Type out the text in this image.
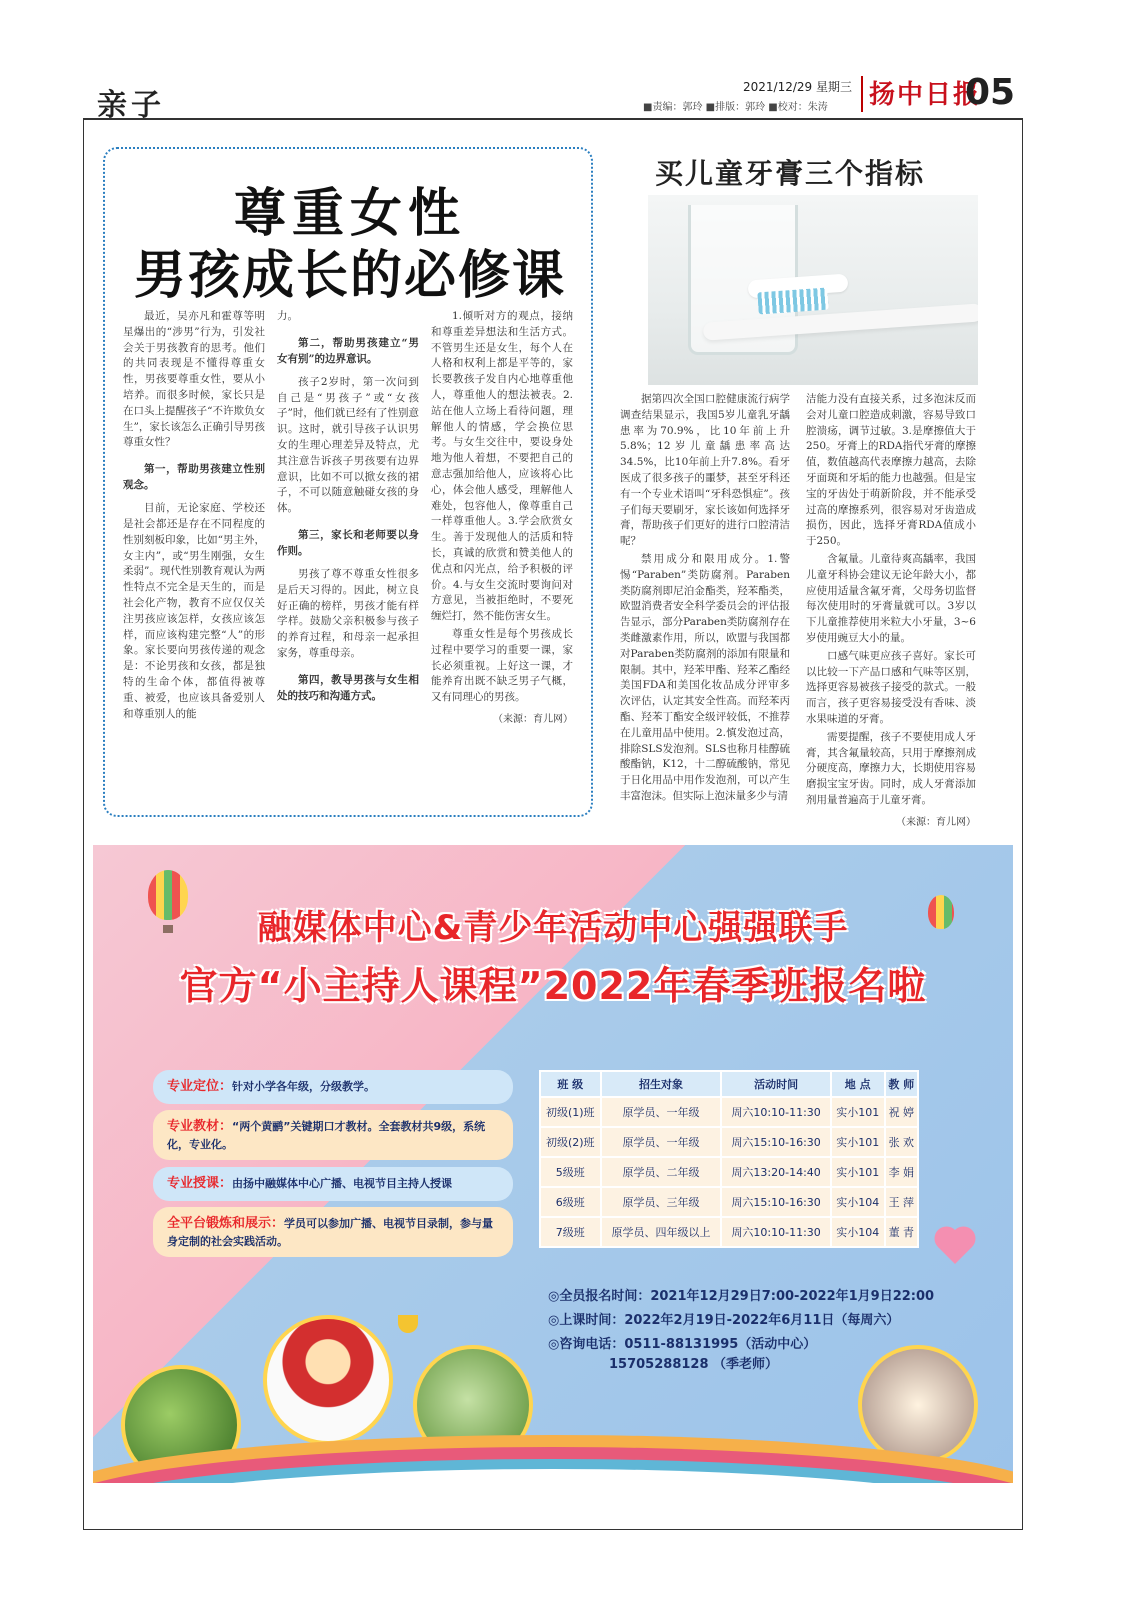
亲子
2021/12/29 星期三
■责编：郭玲 ■排版：郭玲 ■校对：朱涛 扬中日报
05
尊重女性
男孩成长的必修课

最近，吴亦凡和霍尊等明星爆出的“涉男”行为，引发社会关于男孩教育的思考。他们的共同表现是不懂得尊重女性，男孩要尊重女性，要从小培养。而很多时候，家长只是在口头上提醒孩子“不许欺负女生”，家长该怎么正确引导男孩尊重女性？

第一，帮助男孩建立性别观念。

目前，无论家庭、学校还是社会都还是存在不同程度的性别刻板印象，比如“男主外，女主内”，或“男生刚强，女生柔弱”。现代性别教育观认为两性特点不完全是天生的，而是社会化产物，教育不应仅仅关注男孩应该怎样，女孩应该怎样，而应该构建完整“人”的形象。家长要向男孩传递的观念是：不论男孩和女孩，都是独特的生命个体，都值得被尊重、被爱，也应该具备爱别人和尊重别人的能

力。

第二，帮助男孩建立“男女有别”的边界意识。

孩子2岁时，第一次问到自己是“男孩子”或“女孩子”时，他们就已经有了性别意识。这时，就引导孩子认识男女的生理心理差异及特点，尤其注意告诉孩子男孩要有边界意识，比如不可以掀女孩的裙子，不可以随意触碰女孩的身体。

第三，家长和老师要以身作则。

男孩了尊不尊重女性很多是后天习得的。因此，树立良好正确的榜样，男孩才能有样学样。鼓励父亲积极参与孩子的养育过程，和母亲一起承担家务，尊重母亲。

第四，教导男孩与女生相处的技巧和沟通方式。

1.倾听对方的观点，接纳和尊重差异想法和生活方式。不管男生还是女生，每个人在人格和权利上都是平等的，家长要教孩子发自内心地尊重他人，尊重他人的想法被表。2.站在他人立场上看待问题，理解他人的情感，学会换位思考。与女生交往中，要设身处地为他人着想，不要把自己的意志强加给他人，应该将心比心，体会他人感受，理解他人难处，包容他人，像尊重自己一样尊重他人。3.学会欣赏女生。善于发现他人的活质和特长，真诚的欣赏和赞美他人的优点和闪光点，给予积极的评价。4.与女生交流时要询问对方意见，当被拒绝时，不要死缠烂打，然不能伤害女生。

尊重女性是每个男孩成长过程中要学习的重要一课，家长必须重视。上好这一课，才能养育出既不缺乏男子气概，又有同理心的男孩。

（来源：育儿网）
买儿童牙膏三个指标

据第四次全国口腔健康流行病学调查结果显示，我国5岁儿童乳牙龋患率为70.9%，比10年前上升5.8%；12岁儿童龋患率高达34.5%，比10年前上升7.8%。看牙医成了很多孩子的噩梦，甚至牙科还有一个专业术语叫“牙科恐惧症”。孩子们每天要刷牙，家长该如何选择牙膏，帮助孩子们更好的进行口腔清洁呢？

禁用成分和限用成分。1.警惕“Paraben”类防腐剂。Paraben类防腐剂即尼泊金酯类，羟苯酯类，欧盟消费者安全科学委员会的评估报告显示，部分Paraben类防腐剂存在类雌激素作用，所以，欧盟与我国都对Paraben类防腐剂的添加有限量和限制。其中，羟苯甲酯、羟苯乙酯经美国FDA和美国化妆品成分评审多次评估，认定其安全性高。而羟苯丙酯、羟苯丁酯安全级评较低，不推荐在儿童用品中使用。2.慎发泡过高，排除SLS发泡剂。SLS也称月桂醇硫酸酯钠，K12，十二醇硫酸钠，常见于日化用品中用作发泡剂，可以产生丰富泡沫。但实际上泡沫量多少与清

洁能力没有直接关系，过多泡沫反而会对儿童口腔造成刺激，容易导致口腔溃疡，调节过敏。3.是摩擦值大于250。牙膏上的RDA指代牙膏的摩擦值，数值越高代表摩擦力越高，去除牙面斑和牙垢的能力也越强。但是宝宝的牙齿处于萌新阶段，并不能承受过高的摩擦系列，很容易对牙齿造成损伤，因此，选择牙膏RDA值成小于250。

含氟量。儿童待爽高龋率，我国儿童牙科协会建议无论年龄大小，都应使用适量含氟牙膏，父母务切监督每次使用时的牙膏量就可以。3岁以下儿童推荐使用米粒大小牙量，3~6岁使用豌豆大小的量。

口感气味更应孩子喜好。家长可以比较一下产品口感和气味等区别，选择更容易被孩子接受的款式。一般而言，孩子更容易接受没有香味、淡水果味道的牙膏。

需要提醒，孩子不要使用成人牙膏，其含氟量较高，只用于摩擦剂成分硬度高，摩擦力大，长期使用容易磨损宝宝牙齿。同时，成人牙膏添加剂用量普遍高于儿童牙膏。

（来源：育儿网）
融媒体中心&青少年活动中心强强联手
官方“小主持人课程”2022年春季班报名啦
专业定位：针对小学各年级，分级教学。
专业教材：“两个黄鹂”关键期口才教材。全套教材共9级，系统化，专业化。
专业授课：由扬中融媒体中心广播、电视节目主持人授课
全平台锻炼和展示：学员可以参加广播、电视节目录制，参与量身定制的社会实践活动。
班 级	招生对象	活动时间	地 点	教 师
初级(1)班	原学员、一年级	周六10:10-11:30	实小101	祝 婷
初级(2)班	原学员、一年级	周六15:10-16:30	实小101	张 欢
5级班	原学员、二年级	周六13:20-14:40	实小101	李 娟
6级班	原学员、三年级	周六15:10-16:30	实小104	王 萍
7级班	原学员、四年级以上	周六10:10-11:30	实小104	董 青
◎全员报名时间：2021年12月29日7:00-2022年1月9日22:00
◎上课时间：2022年2月19日-2022年6月11日（每周六）
◎咨询电话：0511-88131995（活动中心）
15705288128 （季老师）
